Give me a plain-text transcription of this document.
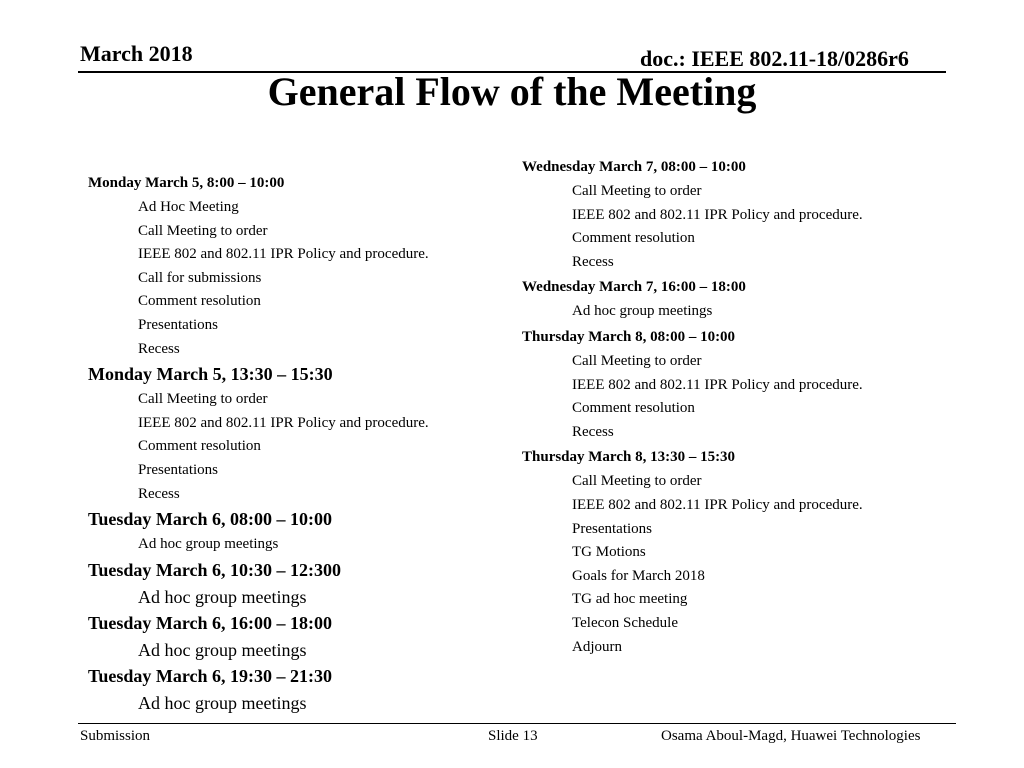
March 2018	doc.: IEEE 802.11-18/0286r6
General Flow of the Meeting
Monday March 5, 8:00 – 10:00
Ad Hoc Meeting
Call Meeting to order
IEEE 802 and 802.11 IPR Policy and procedure.
Call for submissions
Comment resolution
Presentations
Recess
Monday March 5, 13:30 – 15:30
Call Meeting to order
IEEE 802 and 802.11 IPR Policy and procedure.
Comment resolution
Presentations
Recess
Tuesday March 6, 08:00 – 10:00
Ad hoc group meetings
Tuesday March 6, 10:30 – 12:300
Ad hoc group meetings
Tuesday March 6, 16:00 – 18:00
Ad hoc group meetings
Tuesday March 6, 19:30 – 21:30
Ad hoc group meetings
Wednesday March 7, 08:00 – 10:00
Call Meeting to order
IEEE 802 and 802.11 IPR Policy and procedure.
Comment resolution
Recess
Wednesday March 7, 16:00 – 18:00
Ad hoc group meetings
Thursday March 8, 08:00 – 10:00
Call Meeting to order
IEEE 802 and 802.11 IPR Policy and procedure.
Comment resolution
Recess
Thursday March 8, 13:30 – 15:30
Call Meeting to order
IEEE 802 and 802.11 IPR Policy and procedure.
Presentations
TG Motions
Goals for March 2018
TG ad hoc meeting
Telecon Schedule
Adjourn
Submission	Slide 13	Osama Aboul-Magd, Huawei Technologies
